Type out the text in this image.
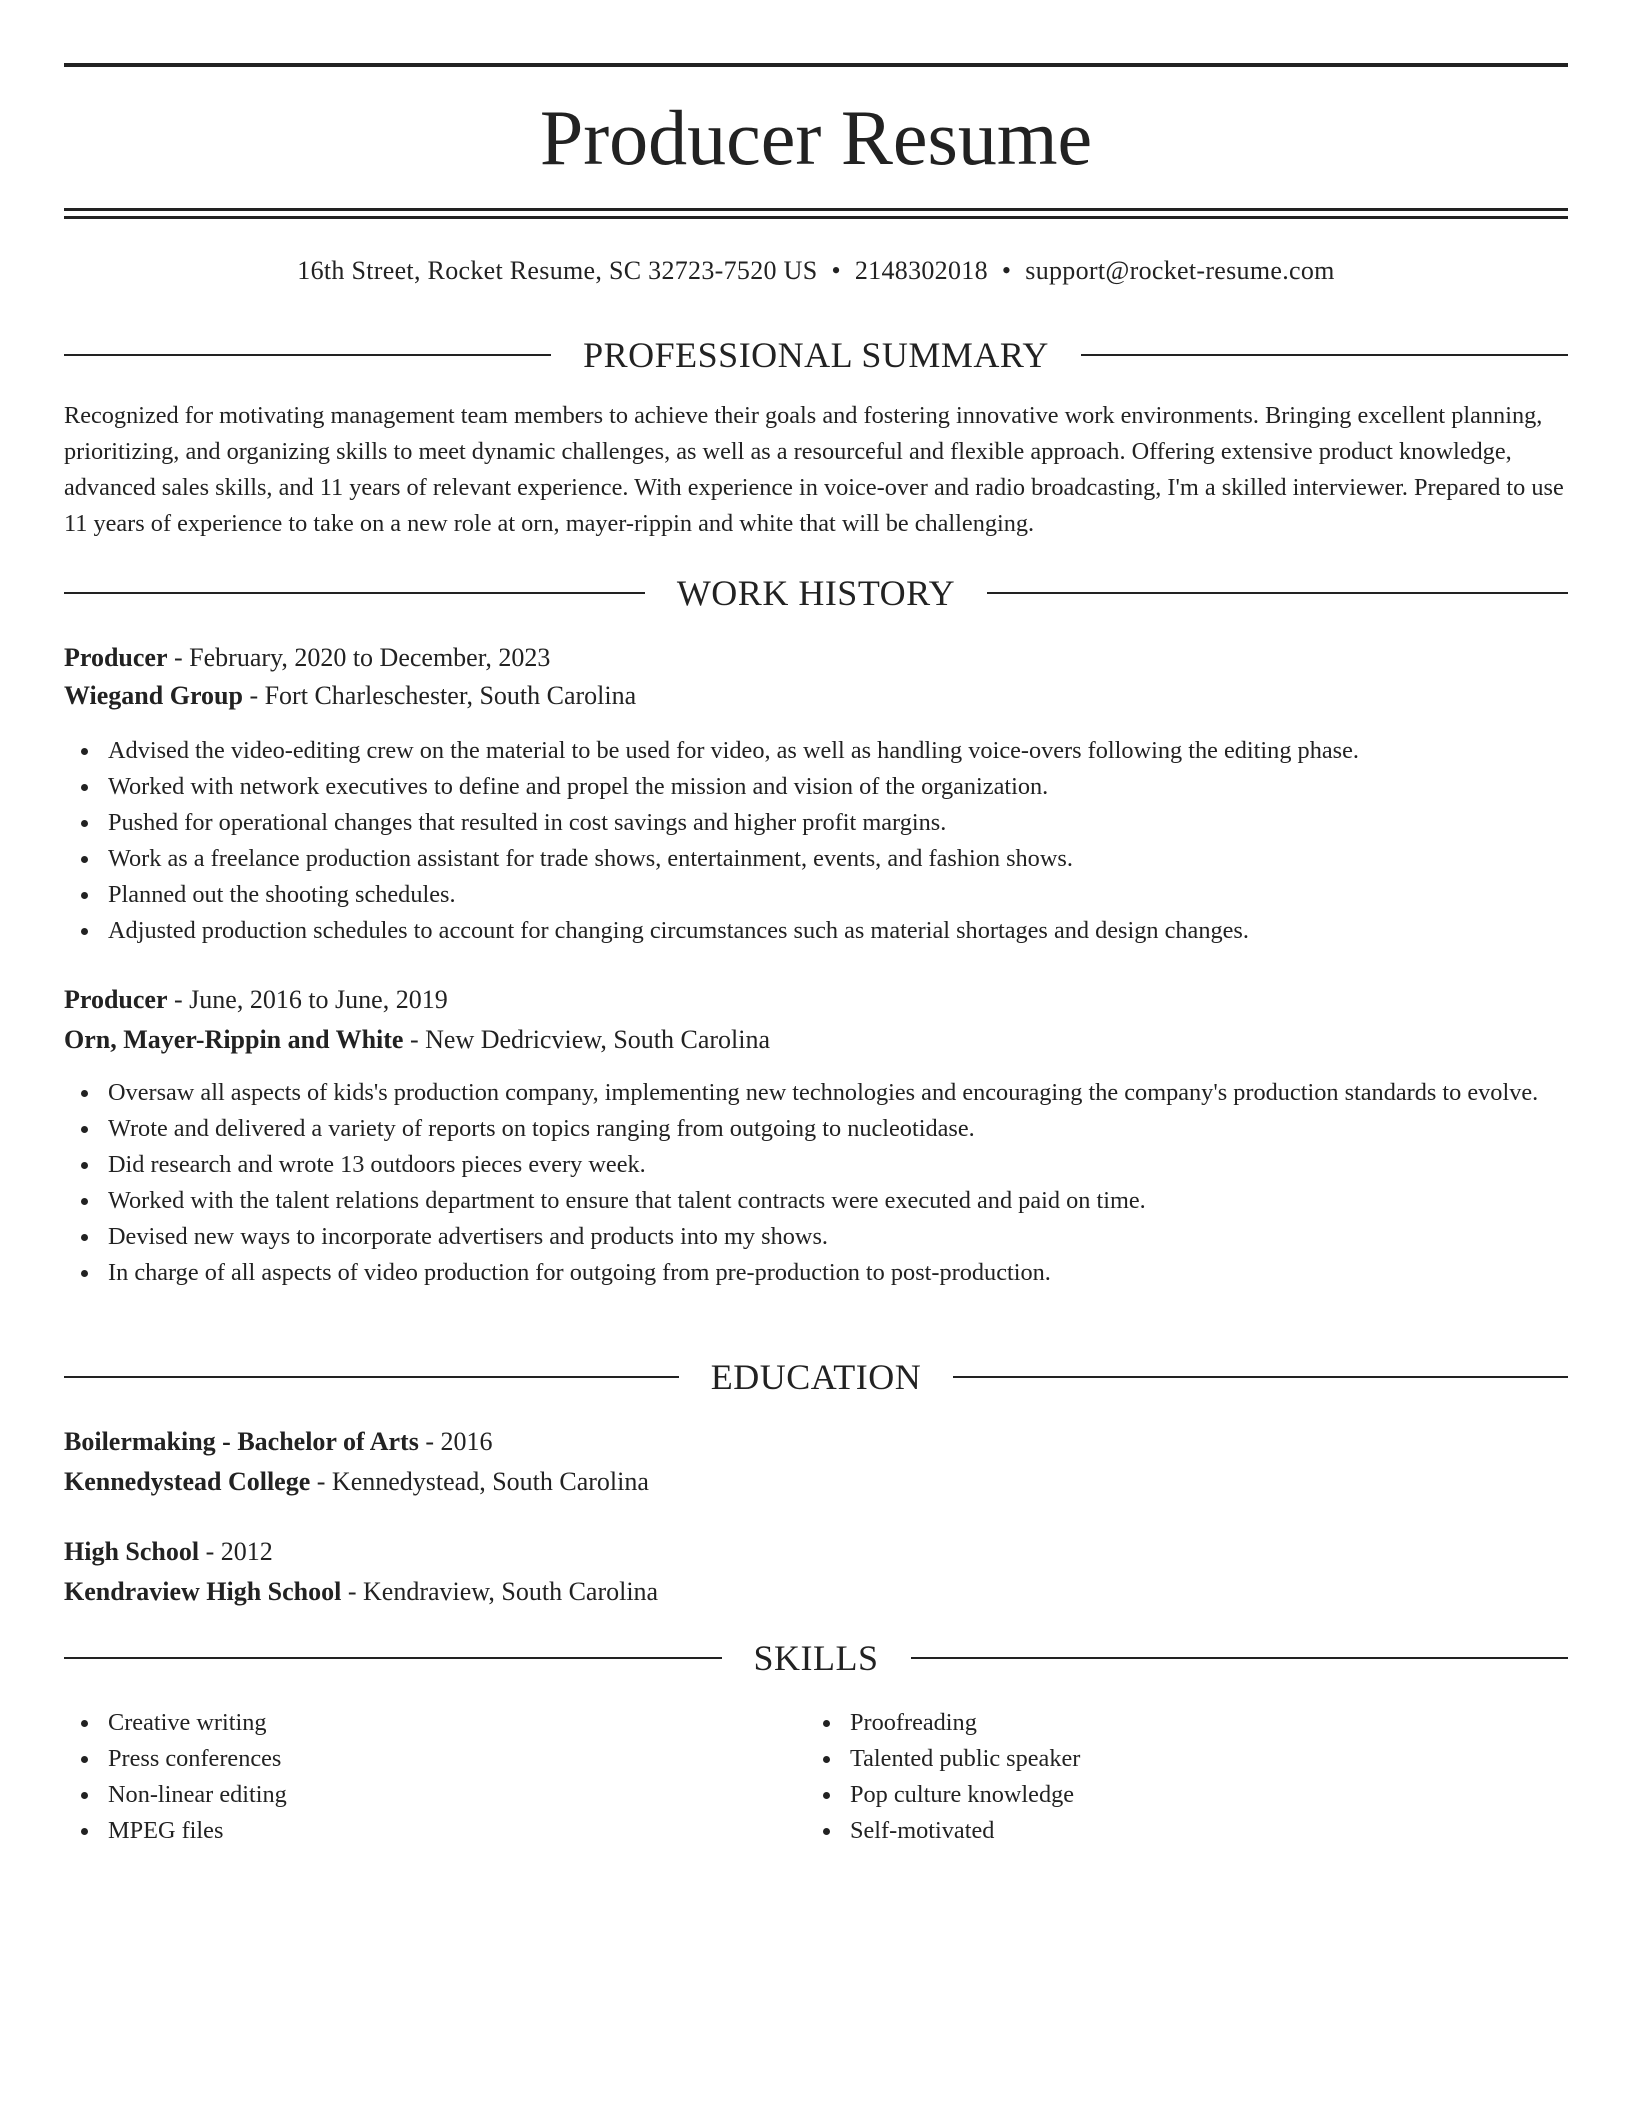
Producer Resume
16th Street, Rocket Resume, SC 32723-7520 US • 2148302018 • support@rocket-resume.com
PROFESSIONAL SUMMARY

Recognized for motivating management team members to achieve their goals and fostering innovative work environments. Bringing excellent planning, prioritizing, and organizing skills to meet dynamic challenges, as well as a resourceful and flexible approach. Offering extensive product knowledge, advanced sales skills, and 11 years of relevant experience. With experience in voice-over and radio broadcasting, I'm a skilled interviewer. Prepared to use 11 years of experience to take on a new role at orn, mayer-rippin and white that will be challenging.

WORK HISTORY
Producer - February, 2020 to December, 2023
Wiegand Group - Fort Charleschester, South Carolina
Advised the video-editing crew on the material to be used for video, as well as handling voice-overs following the editing phase.
Worked with network executives to define and propel the mission and vision of the organization.
Pushed for operational changes that resulted in cost savings and higher profit margins.
Work as a freelance production assistant for trade shows, entertainment, events, and fashion shows.
Planned out the shooting schedules.
Adjusted production schedules to account for changing circumstances such as material shortages and design changes.
Producer - June, 2016 to June, 2019
Orn, Mayer-Rippin and White - New Dedricview, South Carolina
Oversaw all aspects of kids's production company, implementing new technologies and encouraging the company's production standards to evolve.
Wrote and delivered a variety of reports on topics ranging from outgoing to nucleotidase.
Did research and wrote 13 outdoors pieces every week.
Worked with the talent relations department to ensure that talent contracts were executed and paid on time.
Devised new ways to incorporate advertisers and products into my shows.
In charge of all aspects of video production for outgoing from pre-production to post-production.
EDUCATION
Boilermaking - Bachelor of Arts - 2016
Kennedystead College - Kennedystead, South Carolina
High School - 2012
Kendraview High School - Kendraview, South Carolina
SKILLS
Creative writing
Press conferences
Non-linear editing
MPEG files
Proofreading
Talented public speaker
Pop culture knowledge
Self-motivated
